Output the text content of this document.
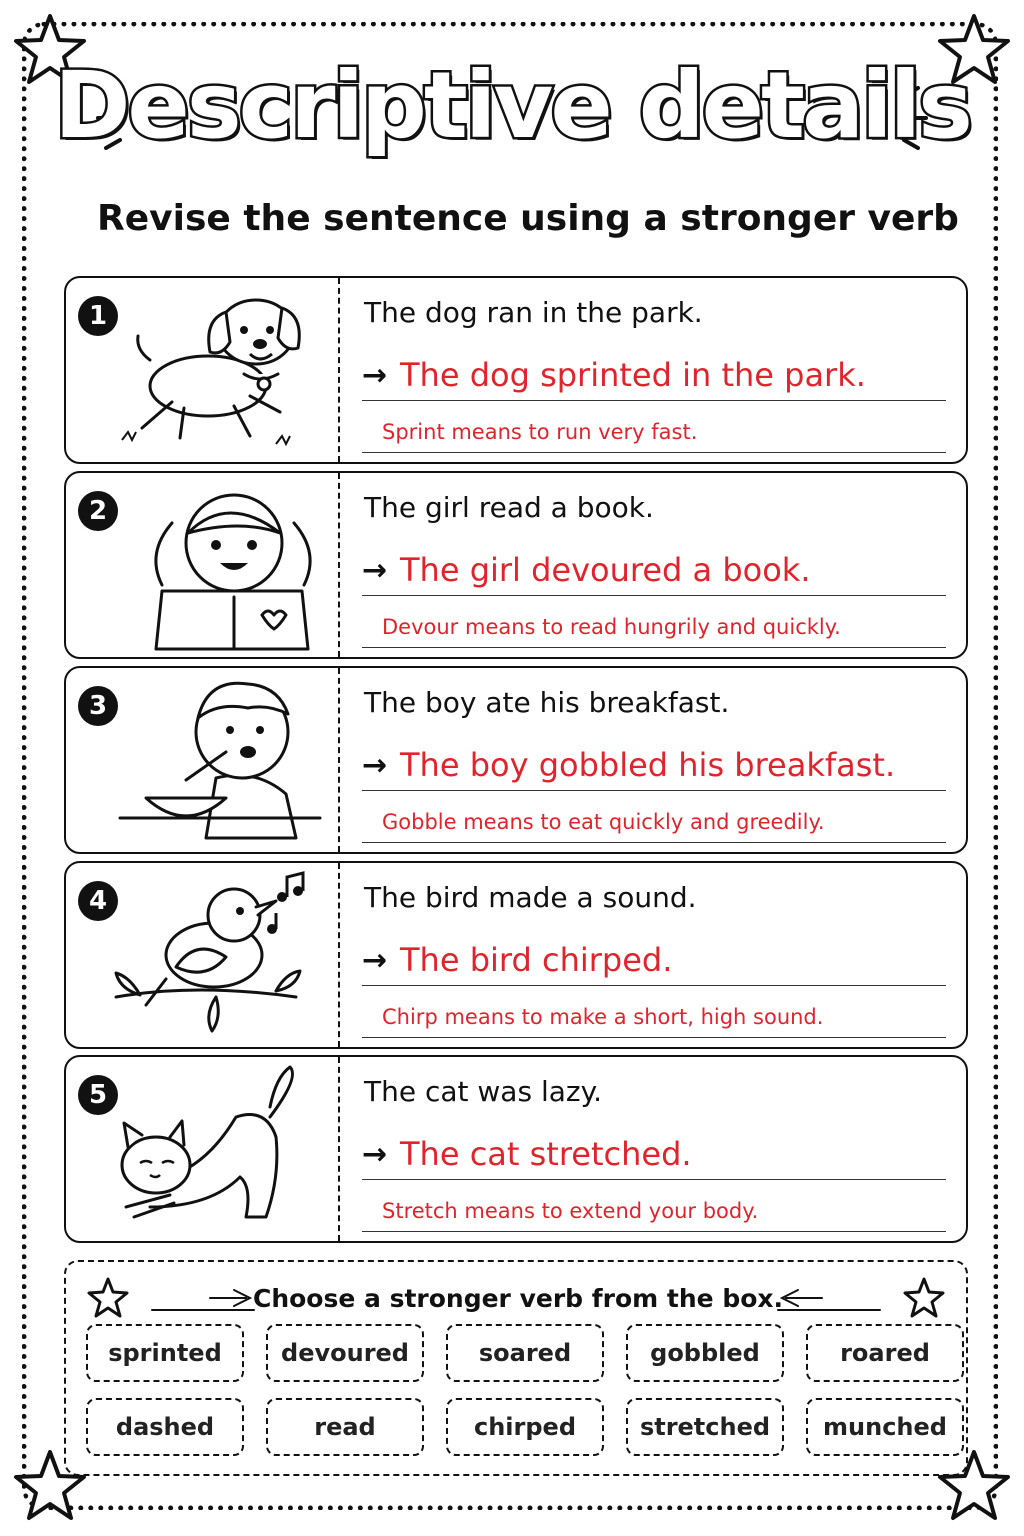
Descriptive details
Revise the sentence using a stronger verb
1	The dog ran in the park.
→ The dog sprinted in the park.
Sprint means to run very fast.
2	The girl read a book.
→ The girl devoured a book.
Devour means to read hungrily and quickly.
3	The boy ate his breakfast.
→ The boy gobbled his breakfast.
Gobble means to eat quickly and greedily.
4	The bird made a sound.
→ The bird chirped.
Chirp means to make a short, high sound.
5	The cat was lazy.
→ The cat stretched.
Stretch means to extend your body.
Choose a stronger verb from the box.
sprinted	devoured	soared	gobbled	roared
dashed	read	chirped	stretched	munched
